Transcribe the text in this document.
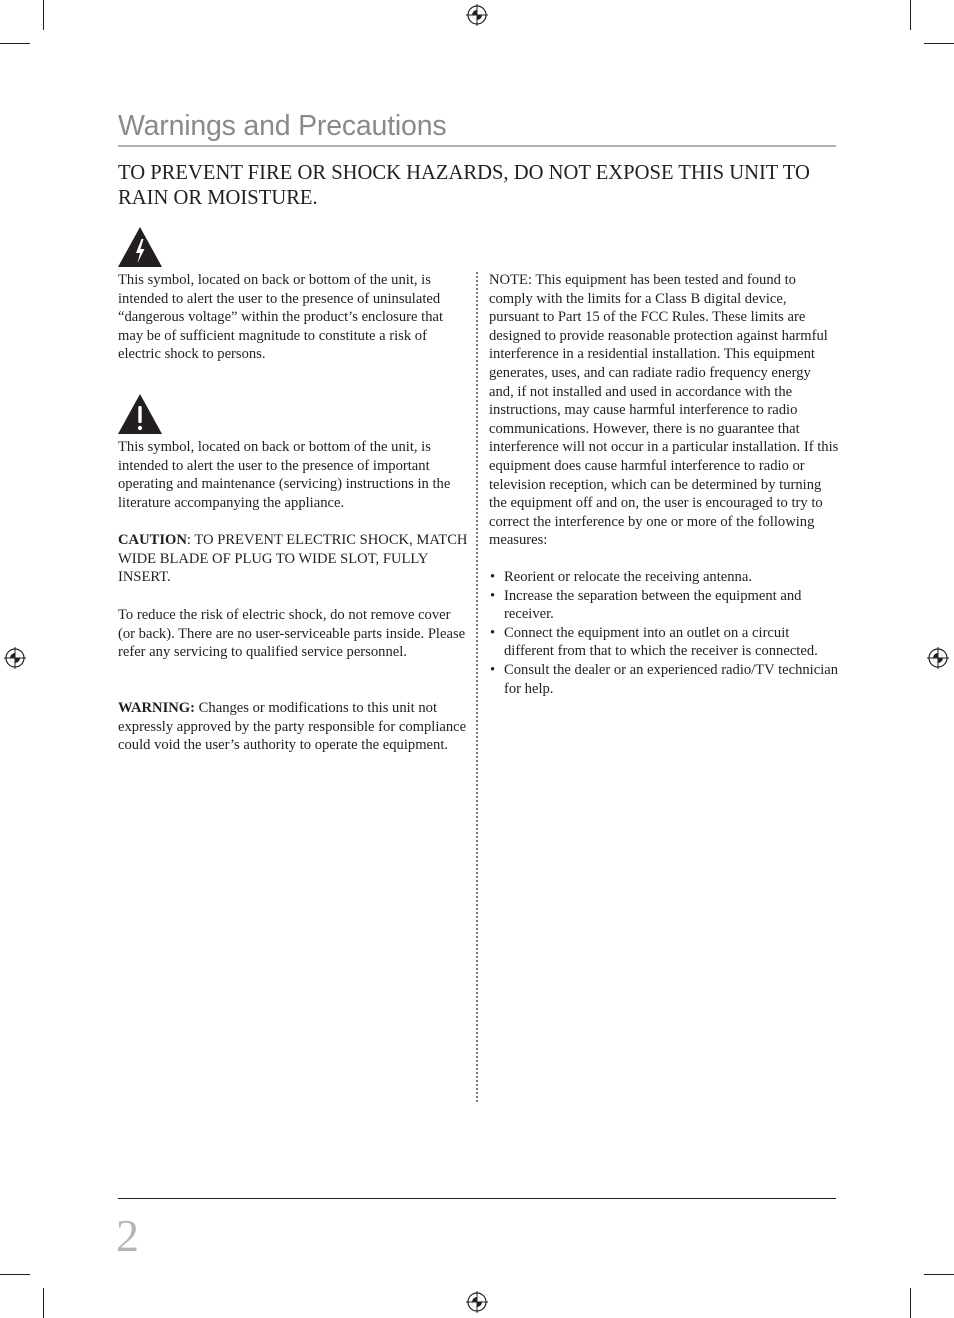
Warnings and Precautions
TO PREVENT FIRE OR SHOCK HAZARDS, DO NOT EXPOSE THIS UNIT TO RAIN OR MOISTURE.

This symbol, located on back or bottom of the unit, is intended to alert the user to the presence of uninsulated “dangerous voltage” within the product’s enclosure that may be of sufficient magnitude to constitute a risk of electric shock to persons.

This symbol, located on back or bottom of the unit, is intended to alert the user to the presence of important operating and maintenance (servicing) instructions in the literature accompanying the appliance.

CAUTION: TO PREVENT ELECTRIC SHOCK, MATCH WIDE BLADE OF PLUG TO WIDE SLOT, FULLY INSERT.

To reduce the risk of electric shock, do not remove cover (or back). There are no user-serviceable parts inside. Please refer any servicing to qualified service personnel.

WARNING: Changes or modifications to this unit not expressly approved by the party responsible for compliance could void the user’s authority to operate the equipment.

NOTE: This equipment has been tested and found to comply with the limits for a Class B digital device, pursuant to Part 15 of the FCC Rules. These limits are designed to provide reasonable protection against harmful interference in a residential installation. This equipment generates, uses, and can radiate radio frequency energy and, if not installed and used in accordance with the instructions, may cause harmful interference to radio communications. However, there is no guarantee that interference will not occur in a particular installation. If this equipment does cause harmful interference to radio or television reception, which can be determined by turning the equipment off and on, the user is encouraged to try to correct the interference by one or more of the following measures:

• Reorient or relocate the receiving antenna.
• Increase the separation between the equipment and receiver.
• Connect the equipment into an outlet on a circuit different from that to which the receiver is connected.
• Consult the dealer or an experienced radio/TV technician for help.
2
